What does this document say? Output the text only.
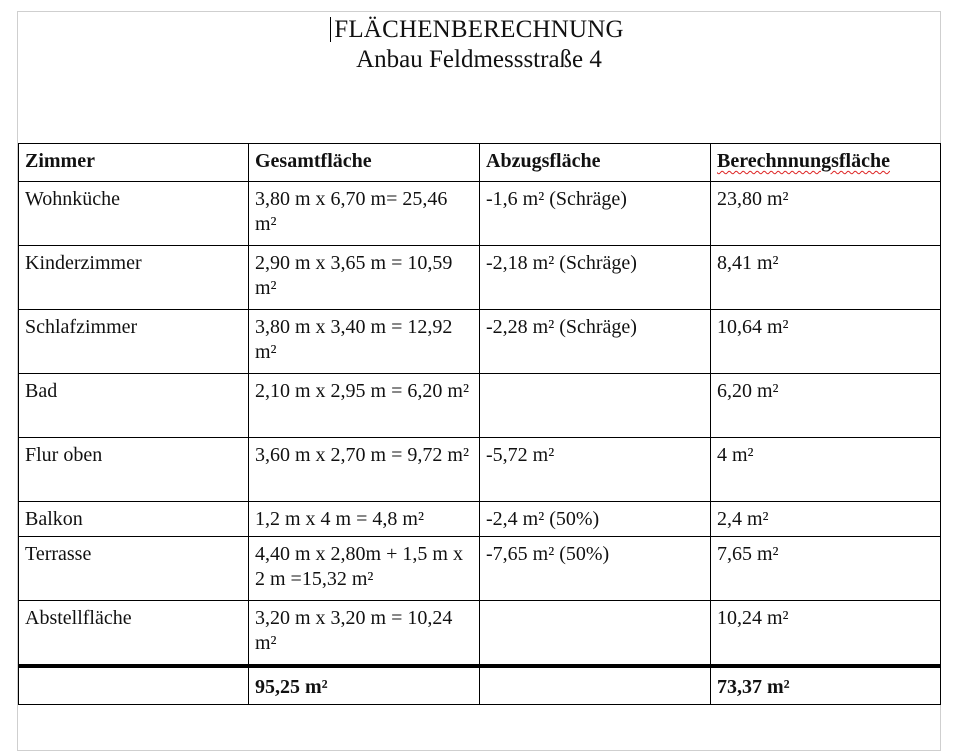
FLÄCHENBERECHNUNG
Anbau Feldmessstraße 4
Zimmer	Gesamtfläche	Abzugsfläche	Berechnnungsfläche
Wohnküche	3,80 m x 6,70 m= 25,46 m²	-1,6 m² (Schräge)	23,80 m²
Kinderzimmer	2,90 m x 3,65 m = 10,59 m²	-2,18 m² (Schräge)	8,41 m²
Schlafzimmer	3,80 m x 3,40 m = 12,92 m²	-2,28 m² (Schräge)	10,64 m²
Bad	2,10 m x 2,95 m = 6,20 m²		6,20 m²
Flur oben	3,60 m x 2,70 m = 9,72 m²	-5,72 m²	4 m²
Balkon	1,2 m x 4 m = 4,8 m²	-2,4 m² (50%)	2,4 m²
Terrasse	4,40 m x 2,80m + 1,5 m x 2 m =15,32 m²	-7,65 m² (50%)	7,65 m²
Abstellfläche	3,20 m x 3,20 m = 10,24 m²		10,24 m²
	95,25 m²		73,37 m²
